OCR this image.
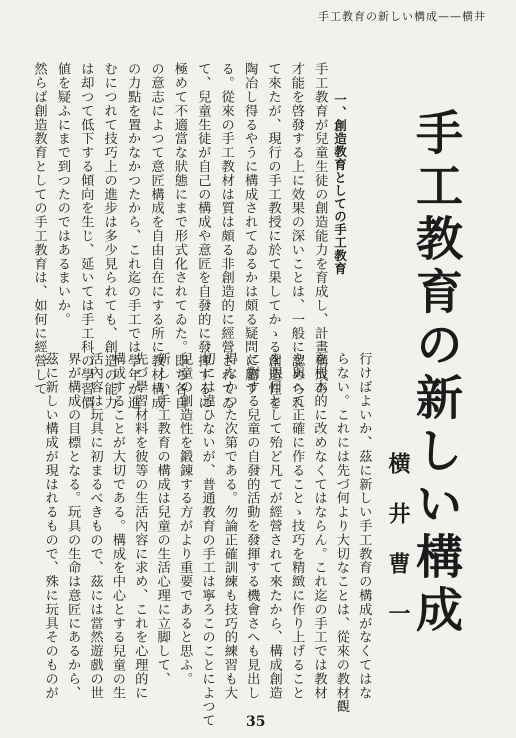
手工教育の新しい構成——横井
手工教育の新しい構成
横井曹一
一、創造教育としての手工教育
手工教育が兒童生徒の創造能力を育成し、計畫構成の
才能を啓發する上に效果の深いことは、一般に認められ
て來たが、現行の手工教授に於て果してかゝる創造性を
陶冶し得るやうに構成されてゐるかは頗る疑問に屬す
る。從來の手工教材は質は頗る非創造的に經營されてゐ
て、兒童生徒が自己の構成や意匠を自發的に發揮するに
極めて不適當な狀態にまで形式化されてゐた。即ち各自
の意志によつて意匠構成を自由自在にする所に教材構成
の力點を置かなかつたから、これ迄の手工では學年が進
むにつれて技巧上の進步は多少見られても、創造の能力
は却つて低下する傾向を生じ、延いては手工科の學習價
値を疑ふにまで到つたのではあるまいか。
然らば創造教育としての手工教育は、如何に經營して
行けばよいか、茲に新しい手工教育の構成がなくてはな
らない。これには先づ何より大切なことは、從來の教材觀
を根本的に改めなくてはならん。これ迄の手工では教材
を與へて正確に作ることゝ技巧を精緻に作り上げること
を眼目として殆ど凡てが經營されて來たから、構成創造
に對する兒童の自發的活動を發揮する機會さへも見出し
得なかつた次第である。勿論正確訓練も技巧的練習も大
切には違ひないが、普通教育の手工は寧ろこのことによつて
兒童の創造性を鍛錬する方がより重要であると思ふ。
新しい手工教育の構成は兒童の生活心理に立脚して、
先づ學習材料を彼等の生活內容に求め、これを心理的に
構成することが大切である。構成を中心とする兒童の生
活內容は玩具に初まるべきもので、茲には當然遊戲の世
界が構成の目標となる。玩具の生命は意匠にあるから、
茲に新しい構成が現はれるもので、殊に玩具そのものが
35
